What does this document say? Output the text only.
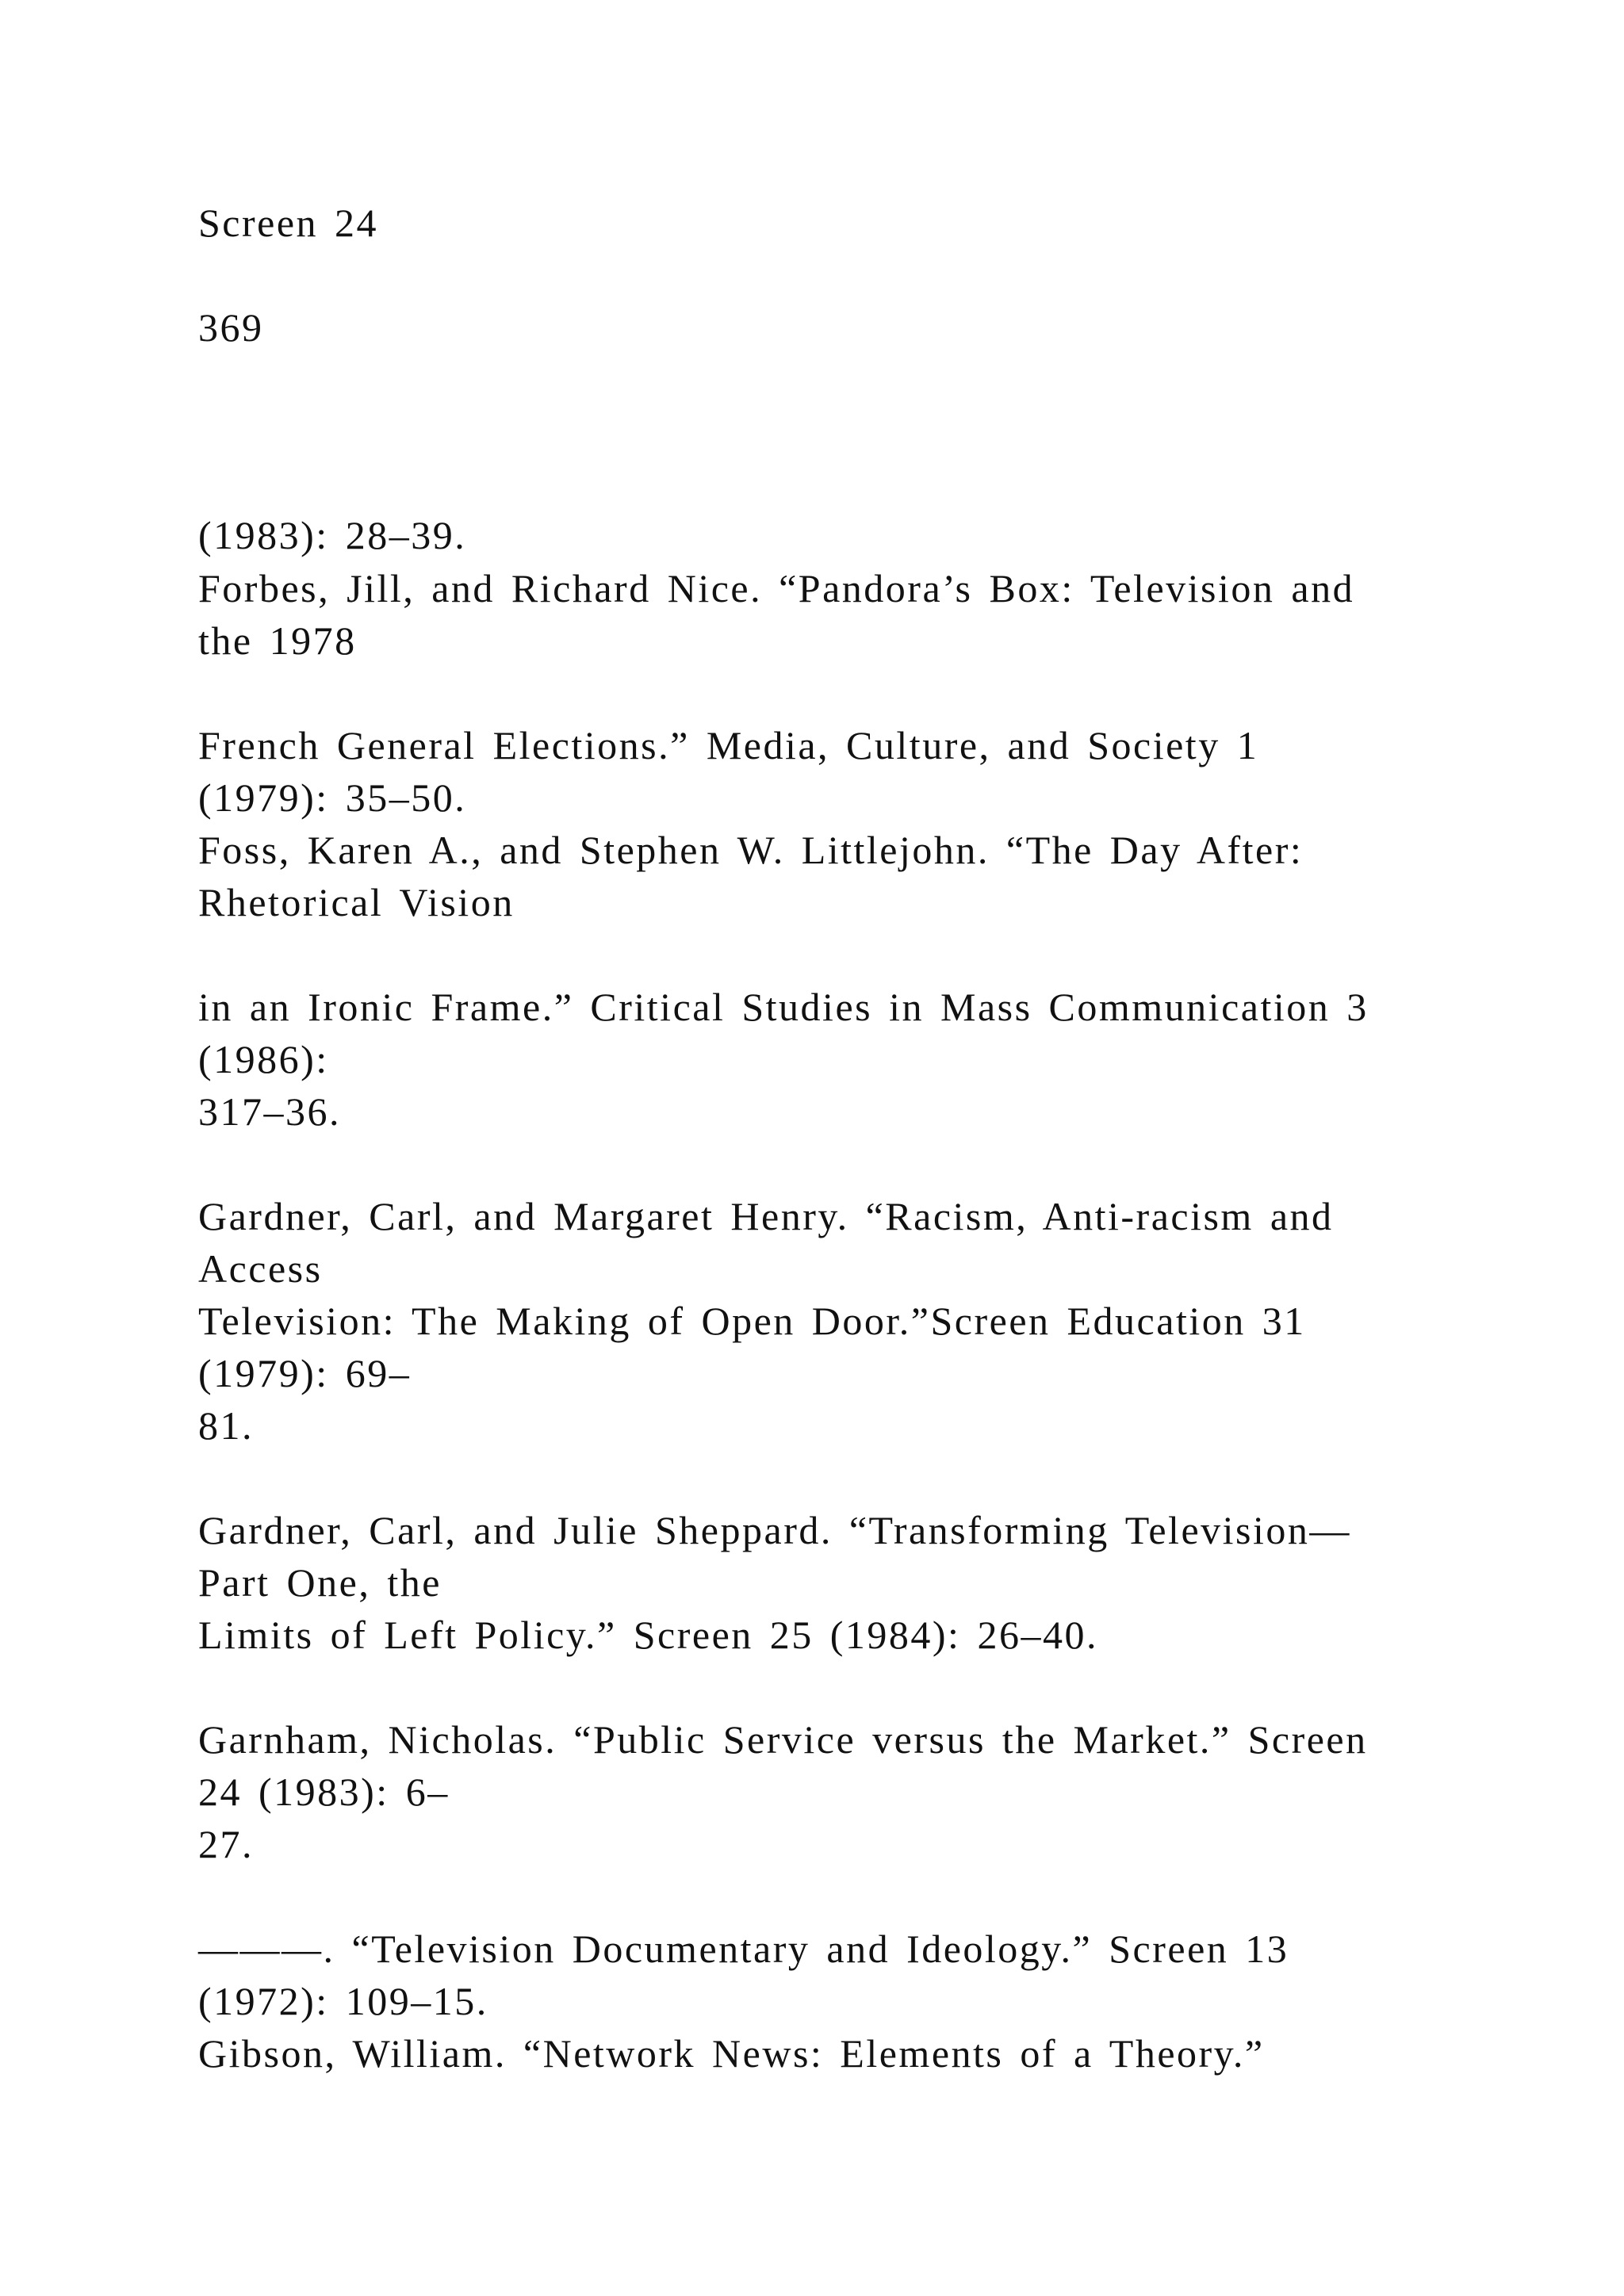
Screen 24
369
(1983): 28–39.
Forbes, Jill, and Richard Nice. “Pandora’s Box: Television and
the 1978
French General Elections.” Media, Culture, and Society 1
(1979): 35–50.
Foss, Karen A., and Stephen W. Littlejohn. “The Day After:
Rhetorical Vision
in an Ironic Frame.” Critical Studies in Mass Communication 3
(1986):
317–36.
Gardner, Carl, and Margaret Henry. “Racism, Anti-racism and
Access
Television: The Making of Open Door.”Screen Education 31
(1979): 69–
81.
Gardner, Carl, and Julie Sheppard. “Transforming Television—
Part One, the
Limits of Left Policy.” Screen 25 (1984): 26–40.
Garnham, Nicholas. “Public Service versus the Market.” Screen
24 (1983): 6–
27.
———. “Television Documentary and Ideology.” Screen 13
(1972): 109–15.
Gibson, William. “Network News: Elements of a Theory.”
